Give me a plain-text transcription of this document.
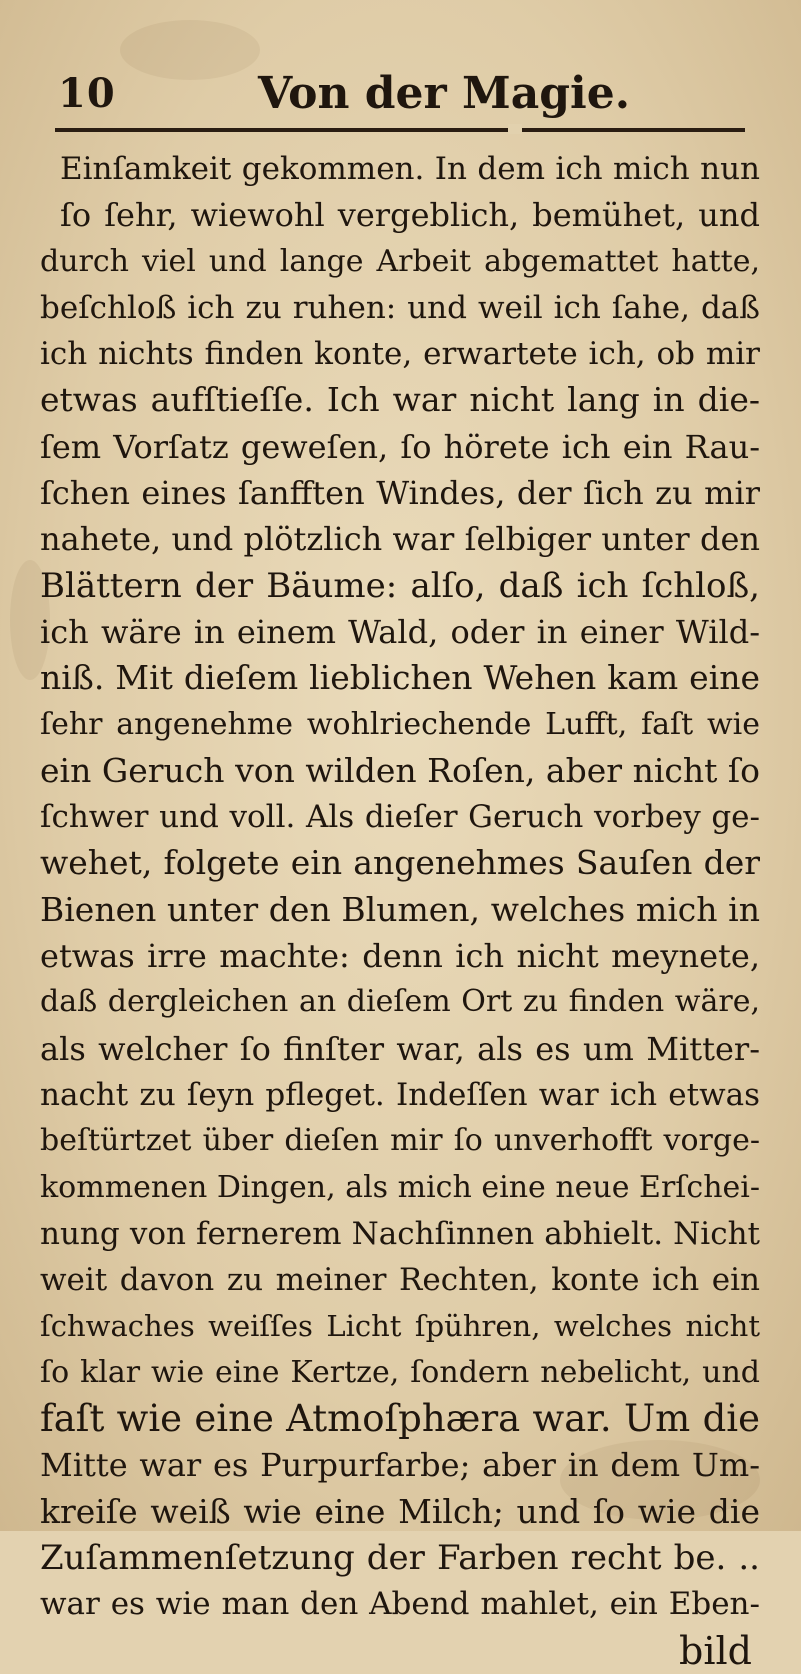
10	Von der Magie.
Einſamkeit gekommen. In dem ich mich nun
ſo ſehr, wiewohl vergeblich, bemühet, und
durch viel und lange Arbeit abgemattet hatte,
beſchloß ich zu ruhen: und weil ich ſahe, daß
ich nichts finden konte, erwartete ich, ob mir
etwas aufſtieſſe. Ich war nicht lang in die-
ſem Vorſatz geweſen, ſo hörete ich ein Rau-
ſchen eines ſanfften Windes, der ſich zu mir
nahete, und plötzlich war ſelbiger unter den
Blättern der Bäume: alſo, daß ich ſchloß,
ich wäre in einem Wald, oder in einer Wild-
niß. Mit dieſem lieblichen Wehen kam eine
ſehr angenehme wohlriechende Lufft, faſt wie
ein Geruch von wilden Roſen, aber nicht ſo
ſchwer und voll. Als dieſer Geruch vorbey ge-
wehet, folgete ein angenehmes Sauſen der
Bienen unter den Blumen, welches mich in
etwas irre machte: denn ich nicht meynete,
daß dergleichen an dieſem Ort zu finden wäre,
als welcher ſo finſter war, als es um Mitter-
nacht zu ſeyn pfleget. Indeſſen war ich etwas
beſtürtzet über dieſen mir ſo unverhofft vorge-
kommenen Dingen, als mich eine neue Erſchei-
nung von fernerem Nachſinnen abhielt. Nicht
weit davon zu meiner Rechten, konte ich ein
ſchwaches weiſſes Licht ſpühren, welches nicht
ſo klar wie eine Kertze, ſondern nebelicht, und
faſt wie eine Atmoſphæra war. Um die
Mitte war es Purpurfarbe; aber in dem Um-
kreiſe weiß wie eine Milch; und ſo wie die
Zuſammenſetzung der Farben recht be. ..
war es wie man den Abend mahlet, ein Eben-
bild
